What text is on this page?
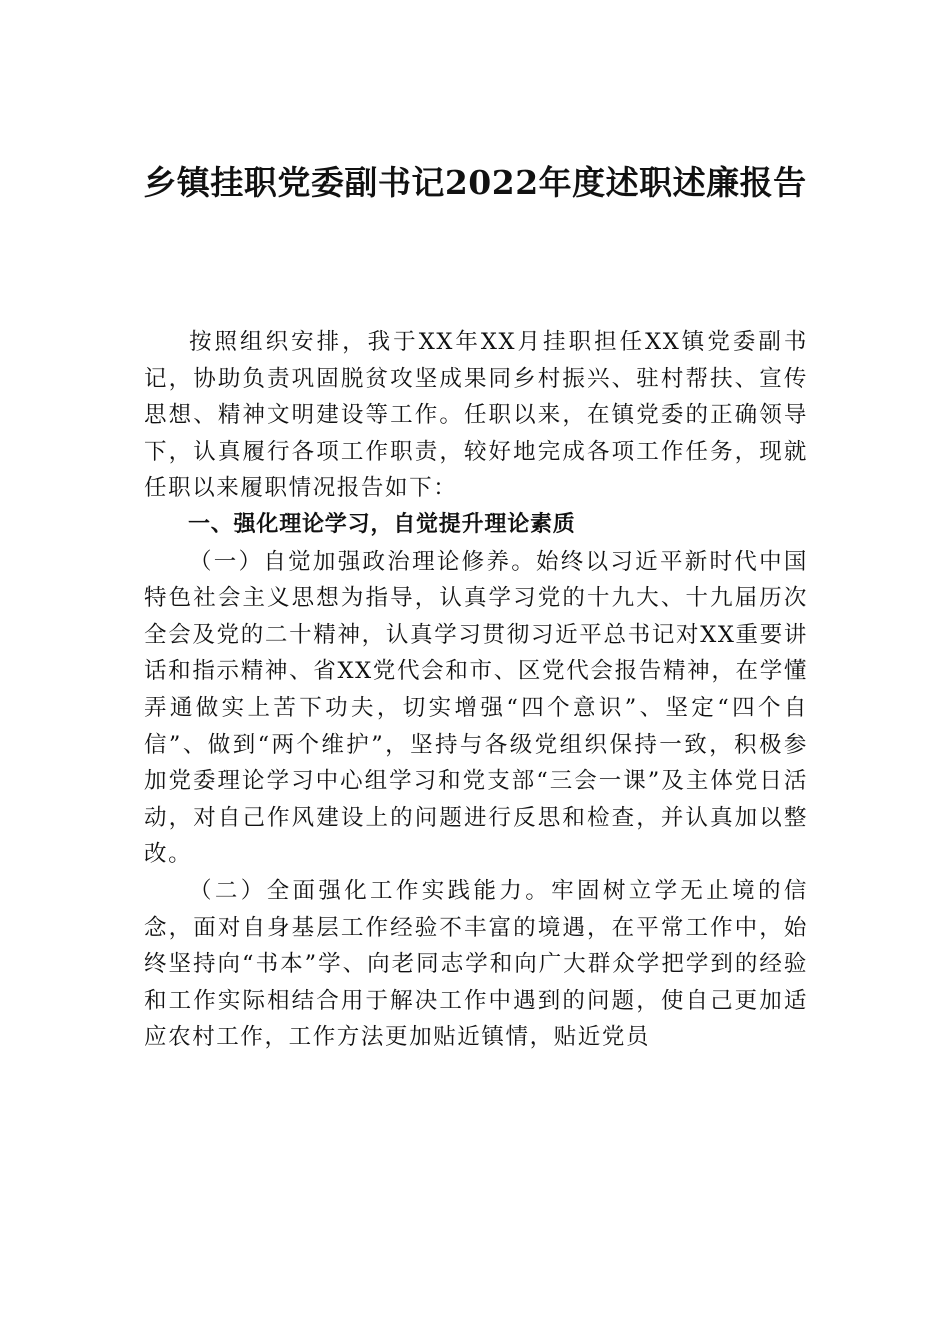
乡镇挂职党委副书记2022年度述职述廉报告

按照组织安排，我于XX年XX月挂职担任XX镇党委副书记，协助负责巩固脱贫攻坚成果同乡村振兴、驻村帮扶、宣传思想、精神文明建设等工作。任职以来，在镇党委的正确领导下，认真履行各项工作职责，较好地完成各项工作任务，现就任职以来履职情况报告如下：

一、强化理论学习，自觉提升理论素质

（一）自觉加强政治理论修养。始终以习近平新时代中国特色社会主义思想为指导，认真学习党的十九大、十九届历次全会及党的二十精神，认真学习贯彻习近平总书记对XX重要讲话和指示精神、省XX党代会和市、区党代会报告精神，在学懂弄通做实上苦下功夫，切实增强“四个意识”、坚定“四个自信”、做到“两个维护”，坚持与各级党组织保持一致，积极参加党委理论学习中心组学习和党支部“三会一课”及主体党日活动，对自己作风建设上的问题进行反思和检查，并认真加以整改。

（二）全面强化工作实践能力。牢固树立学无止境的信念，面对自身基层工作经验不丰富的境遇，在平常工作中，始终坚持向“书本”学、向老同志学和向广大群众学把学到的经验和工作实际相结合用于解决工作中遇到的问题，使自己更加适应农村工作，工作方法更加贴近镇情，贴近党员
